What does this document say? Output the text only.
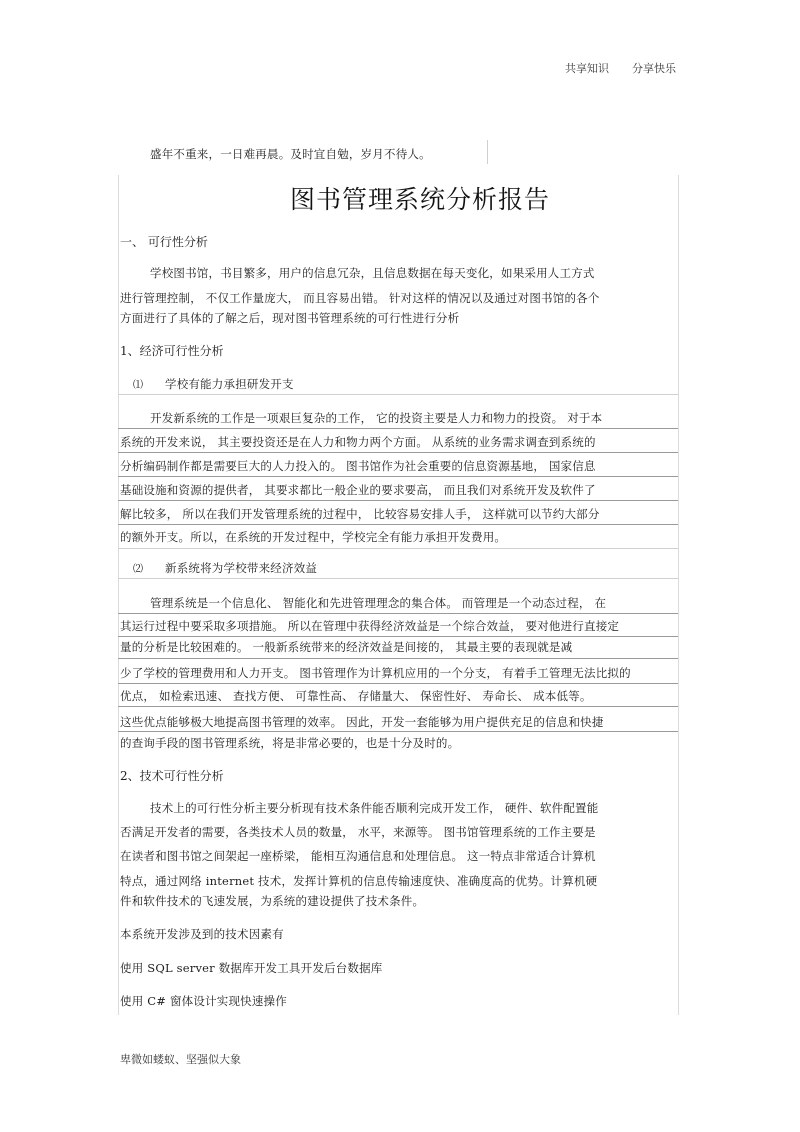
共享知识 分享快乐
盛年不重来，一日难再晨。及时宜自勉，岁月不待人。
图书管理系统分析报告
一、 可行性分析
学校图书馆，书目繁多，用户的信息冗杂，且信息数据在每天变化，如果采用人工方式
进行管理控制， 不仅工作量庞大， 而且容易出错。 针对这样的情况以及通过对图书馆的各个
方面进行了具体的了解之后，现对图书管理系统的可行性进行分析
1、经济可行性分析
⑴ 学校有能力承担研发开支
开发新系统的工作是一项艰巨复杂的工作， 它的投资主要是人力和物力的投资。 对于本
系统的开发来说， 其主要投资还是在人力和物力两个方面。 从系统的业务需求调查到系统的
分析编码制作都是需要巨大的人力投入的。 图书馆作为社会重要的信息资源基地， 国家信息
基础设施和资源的提供者， 其要求都比一般企业的要求要高， 而且我们对系统开发及软件了
解比较多， 所以在我们开发管理系统的过程中， 比较容易安排人手， 这样就可以节约大部分
的额外开支。所以，在系统的开发过程中，学校完全有能力承担开发费用。
⑵ 新系统将为学校带来经济效益
管理系统是一个信息化、 智能化和先进管理理念的集合体。 而管理是一个动态过程， 在
其运行过程中要采取多项措施。 所以在管理中获得经济效益是一个综合效益， 要对他进行直接定
量的分析是比较困难的。 一般新系统带来的经济效益是间接的， 其最主要的表现就是减
少了学校的管理费用和人力开支。 图书管理作为计算机应用的一个分支， 有着手工管理无法比拟的
优点， 如检索迅速、 查找方便、 可靠性高、 存储量大、 保密性好、 寿命长、 成本低等。
这些优点能够极大地提高图书管理的效率。 因此，开发一套能够为用户提供充足的信息和快捷
的查询手段的图书管理系统，将是非常必要的，也是十分及时的。
2、技术可行性分析
技术上的可行性分析主要分析现有技术条件能否顺利完成开发工作， 硬件、软件配置能
否满足开发者的需要，各类技术人员的数量， 水平，来源等。 图书馆管理系统的工作主要是
在读者和图书馆之间架起一座桥梁， 能相互沟通信息和处理信息。 这一特点非常适合计算机
特点，通过网络 internet 技术，发挥计算机的信息传输速度快、准确度高的优势。计算机硬
件和软件技术的飞速发展，为系统的建设提供了技术条件。
本系统开发涉及到的技术因素有
使用 SQL server 数据库开发工具开发后台数据库
使用 C# 窗体设计实现快速操作
卑微如蝼蚁、坚强似大象
